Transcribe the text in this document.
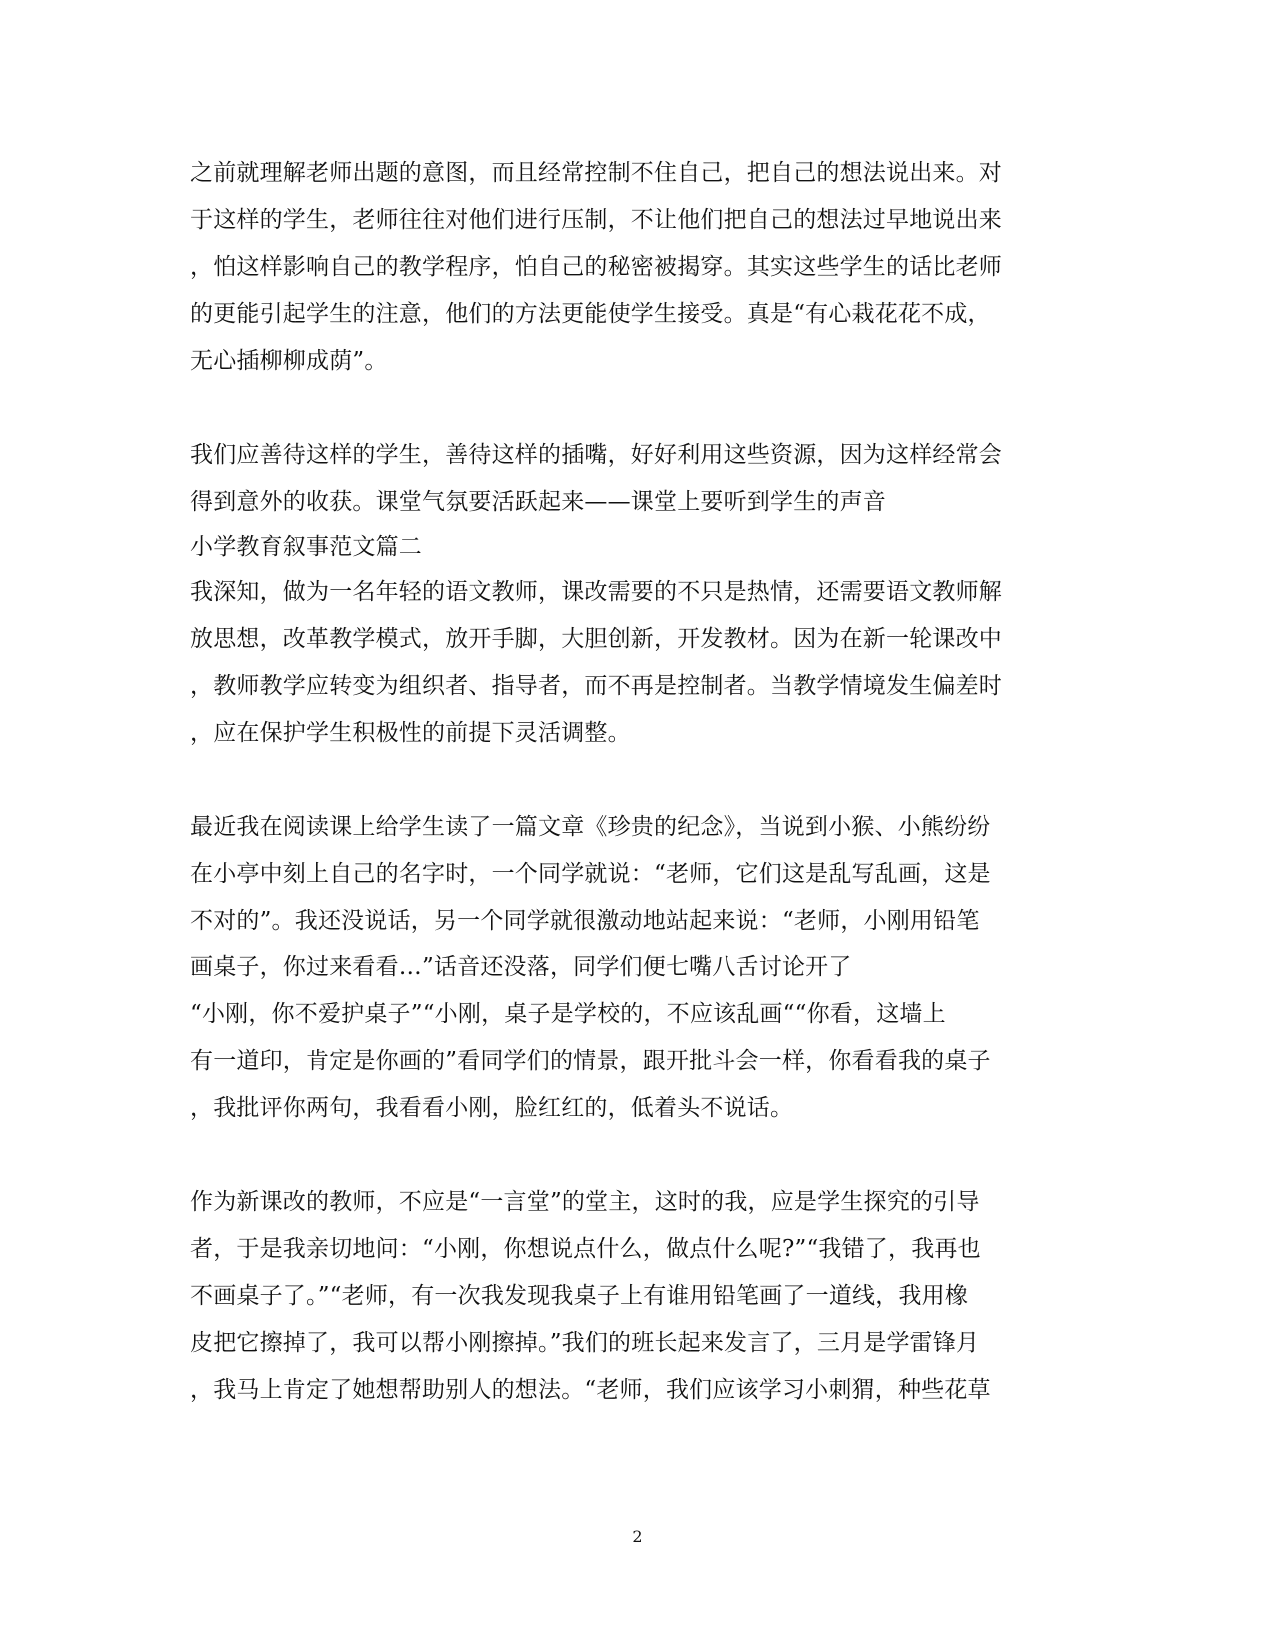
之前就理解老师出题的意图，而且经常控制不住自己，把自己的想法说出来。对
于这样的学生，老师往往对他们进行压制，不让他们把自己的想法过早地说出来
，怕这样影响自己的教学程序，怕自己的秘密被揭穿。其实这些学生的话比老师
的更能引起学生的注意，他们的方法更能使学生接受。真是“有心栽花花不成，
无心插柳柳成荫”。
我们应善待这样的学生，善待这样的插嘴，好好利用这些资源，因为这样经常会
得到意外的收获。课堂气氛要活跃起来——课堂上要听到学生的声音
小学教育叙事范文篇二
我深知，做为一名年轻的语文教师，课改需要的不只是热情，还需要语文教师解
放思想，改革教学模式，放开手脚，大胆创新，开发教材。因为在新一轮课改中
，教师教学应转变为组织者、指导者，而不再是控制者。当教学情境发生偏差时
，应在保护学生积极性的前提下灵活调整。
最近我在阅读课上给学生读了一篇文章《珍贵的纪念》，当说到小猴、小熊纷纷
在小亭中刻上自己的名字时，一个同学就说：“老师，它们这是乱写乱画，这是
不对的”。我还没说话，另一个同学就很激动地站起来说：“老师，小刚用铅笔
画桌子，你过来看看…”话音还没落，同学们便七嘴八舌讨论开了
“小刚，你不爱护桌子”“小刚，桌子是学校的，不应该乱画““你看，这墙上
有一道印，肯定是你画的”看同学们的情景，跟开批斗会一样，你看看我的桌子
，我批评你两句，我看看小刚，脸红红的，低着头不说话。
作为新课改的教师，不应是“一言堂”的堂主，这时的我，应是学生探究的引导
者，于是我亲切地问：“小刚，你想说点什么，做点什么呢?”“我错了，我再也
不画桌子了。”“老师，有一次我发现我桌子上有谁用铅笔画了一道线，我用橡
皮把它擦掉了，我可以帮小刚擦掉。”我们的班长起来发言了，三月是学雷锋月
，我马上肯定了她想帮助别人的想法。“老师，我们应该学习小刺猬，种些花草
2
